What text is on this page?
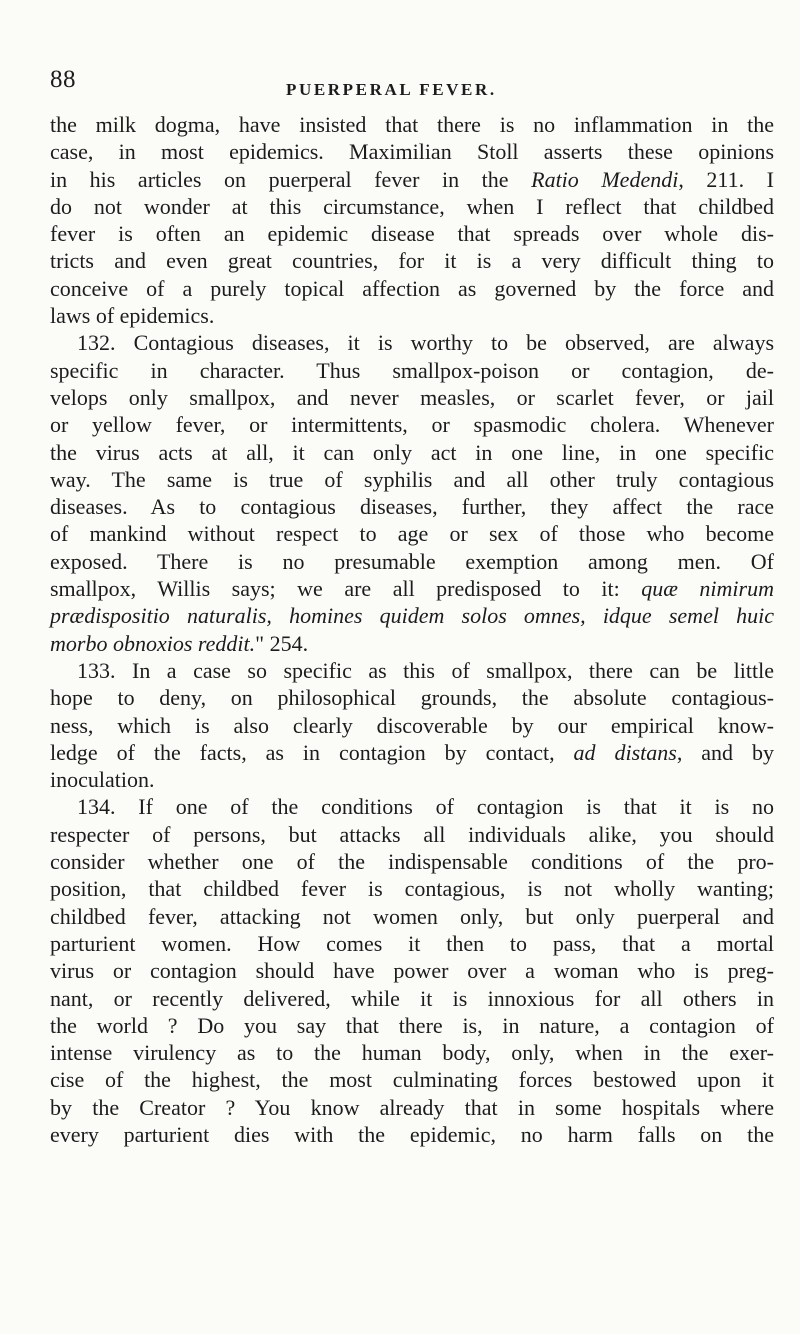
88	PUERPERAL FEVER.
the milk dogma, have insisted that there is no inflammation in the
case, in most epidemics. Maximilian Stoll asserts these opinions
in his articles on puerperal fever in the Ratio Medendi, 211. I
do not wonder at this circumstance, when I reflect that childbed
fever is often an epidemic disease that spreads over whole dis-
tricts and even great countries, for it is a very difficult thing to
conceive of a purely topical affection as governed by the force and
laws of epidemics.
132. Contagious diseases, it is worthy to be observed, are always
specific in character. Thus smallpox-poison or contagion, de-
velops only smallpox, and never measles, or scarlet fever, or jail
or yellow fever, or intermittents, or spasmodic cholera. Whenever
the virus acts at all, it can only act in one line, in one specific
way. The same is true of syphilis and all other truly contagious
diseases. As to contagious diseases, further, they affect the race
of mankind without respect to age or sex of those who become
exposed. There is no presumable exemption among men. Of
smallpox, Willis says; we are all predisposed to it: quæ nimirum
prædispositio naturalis, homines quidem solos omnes, idque semel huic
morbo obnoxios reddit." 254.
133. In a case so specific as this of smallpox, there can be little
hope to deny, on philosophical grounds, the absolute contagious-
ness, which is also clearly discoverable by our empirical know-
ledge of the facts, as in contagion by contact, ad distans, and by
inoculation.
134. If one of the conditions of contagion is that it is no
respecter of persons, but attacks all individuals alike, you should
consider whether one of the indispensable conditions of the pro-
position, that childbed fever is contagious, is not wholly wanting;
childbed fever, attacking not women only, but only puerperal and
parturient women. How comes it then to pass, that a mortal
virus or contagion should have power over a woman who is preg-
nant, or recently delivered, while it is innoxious for all others in
the world ? Do you say that there is, in nature, a contagion of
intense virulency as to the human body, only, when in the exer-
cise of the highest, the most culminating forces bestowed upon it
by the Creator ? You know already that in some hospitals where
every parturient dies with the epidemic, no harm falls on the
